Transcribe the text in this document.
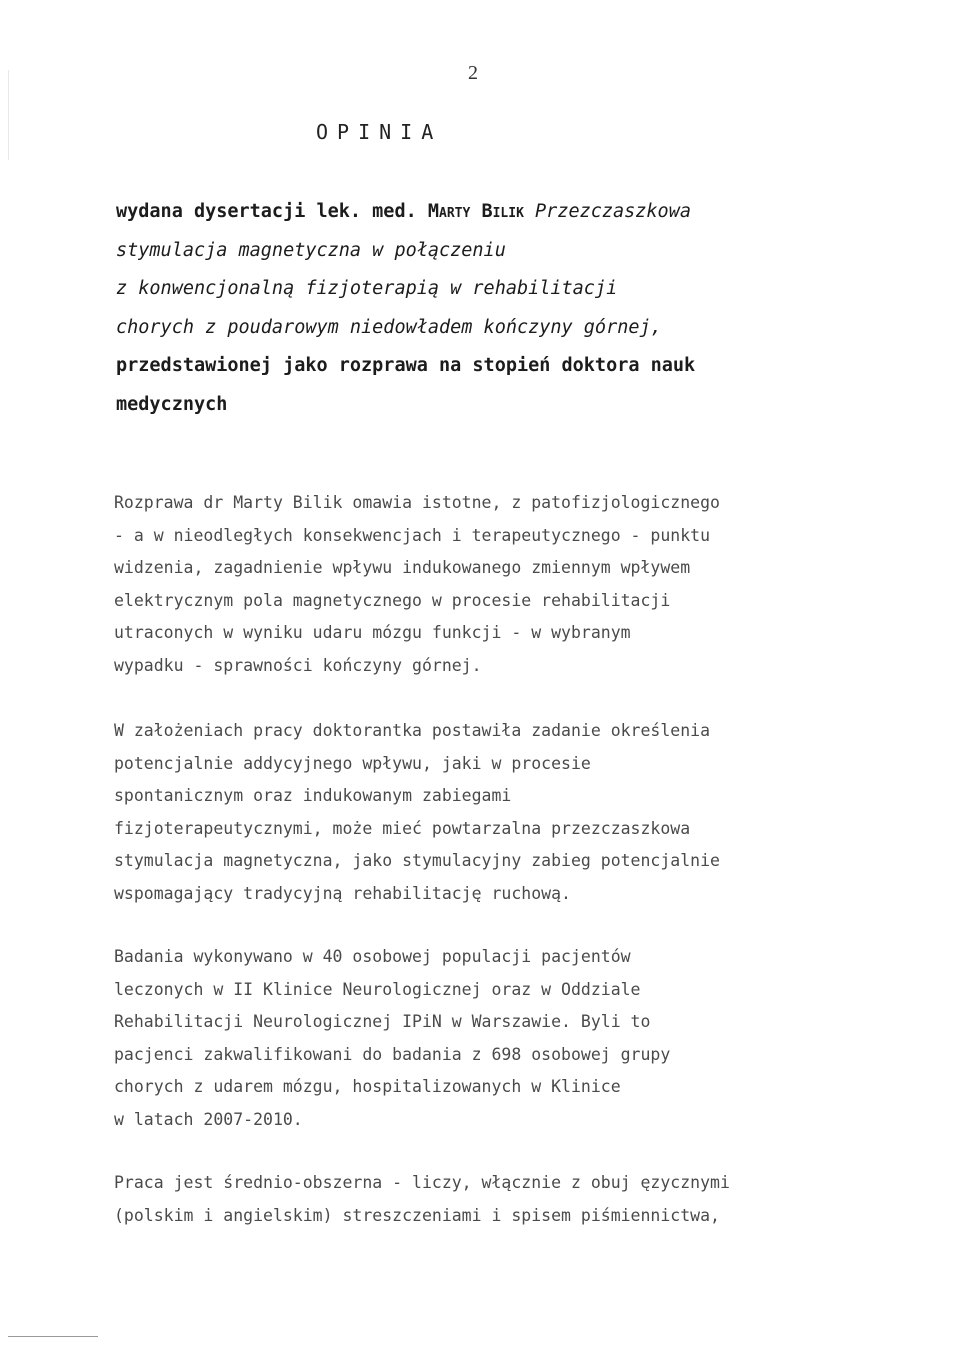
2
OPINIA
wydana dysertacji lek. med. Marty Bilik Przezczaszkowa
stymulacja magnetyczna w połączeniu
z konwencjonalną fizjoterapią w rehabilitacji
chorych z poudarowym niedowładem kończyny górnej,
przedstawionej jako rozprawa na stopień doktora nauk
medycznych
Rozprawa dr Marty Bilik omawia istotne, z patofizjologicznego
- a w nieodległych konsekwencjach i terapeutycznego - punktu
widzenia, zagadnienie wpływu indukowanego zmiennym wpływem
elektrycznym pola magnetycznego w procesie rehabilitacji
utraconych w wyniku udaru mózgu funkcji - w wybranym
wypadku - sprawności kończyny górnej.
W założeniach pracy doktorantka postawiła zadanie określenia
potencjalnie addycyjnego wpływu, jaki w procesie
spontanicznym oraz indukowanym zabiegami
fizjoterapeutycznymi, może mieć powtarzalna przezczaszkowa
stymulacja magnetyczna, jako stymulacyjny zabieg potencjalnie
wspomagający tradycyjną rehabilitację ruchową.
Badania wykonywano w 40 osobowej populacji pacjentów
leczonych w II Klinice Neurologicznej oraz w Oddziale
Rehabilitacji Neurologicznej IPiN w Warszawie. Byli to
pacjenci zakwalifikowani do badania z 698 osobowej grupy
chorych z udarem mózgu, hospitalizowanych w Klinice
w latach 2007-2010.
Praca jest średnio-obszerna - liczy, włącznie z obuj ęzycznymi
(polskim i angielskim) streszczeniami i spisem piśmiennictwa,
